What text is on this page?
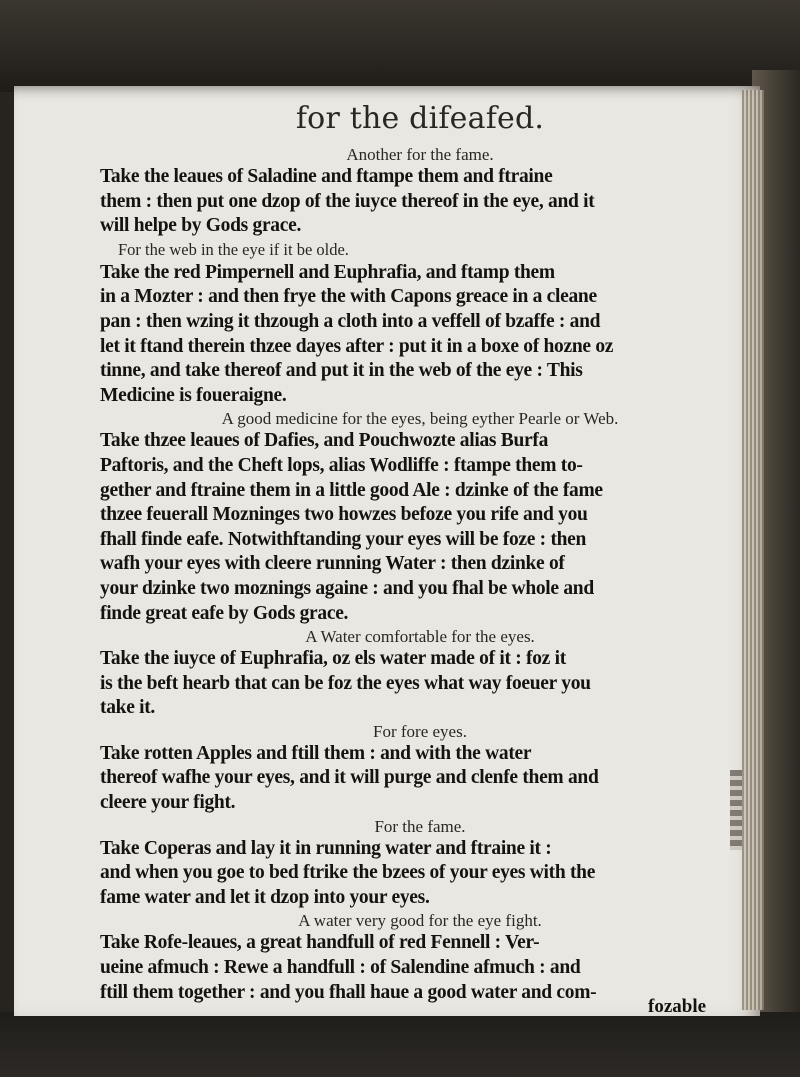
for the difeafed.

Another for the fame.

Take the leaues of Saladine and ftampe them and ftraine

them : then put one dzop of the iuyce thereof in the eye, and it

will helpe by Gods grace.

For the web in the eye if it be olde.

Take the red Pimpernell and Euphrafia, and ftamp them

in a Mozter : and then frye the with Capons greace in a cleane

pan : then wzing it thzough a cloth into a veffell of bzaffe : and

let it ftand therein thzee dayes after : put it in a boxe of hozne oz

tinne, and take thereof and put it in the web of the eye : This

Medicine is foueraigne.

A good medicine for the eyes, being eyther Pearle or Web.

Take thzee leaues of Dafies, and Pouchwozte alias Burfa

Paftoris, and the Cheft lops, alias Wodliffe : ftampe them to-

gether and ftraine them in a little good Ale : dzinke of the fame

thzee feuerall Mozninges two howzes befoze you rife and you

fhall finde eafe. Notwithftanding your eyes will be foze : then

wafh your eyes with cleere running Water : then dzinke of

your dzinke two moznings againe : and you fhal be whole and

finde great eafe by Gods grace.

A Water comfortable for the eyes.

Take the iuyce of Euphrafia, oz els water made of it : foz it

is the beft hearb that can be foz the eyes what way foeuer you

take it.

For fore eyes.

Take rotten Apples and ftill them : and with the water

thereof wafhe your eyes, and it will purge and clenfe them and

cleere your fight.

For the fame.

Take Coperas and lay it in running water and ftraine it :

and when you goe to bed ftrike the bzees of your eyes with the

fame water and let it dzop into your eyes.

A water very good for the eye fight.

Take Rofe-leaues, a great handfull of red Fennell : Ver-

ueine afmuch : Rewe a handfull : of Salendine afmuch : and

ftill them together : and you fhall haue a good water and com-

fozable
